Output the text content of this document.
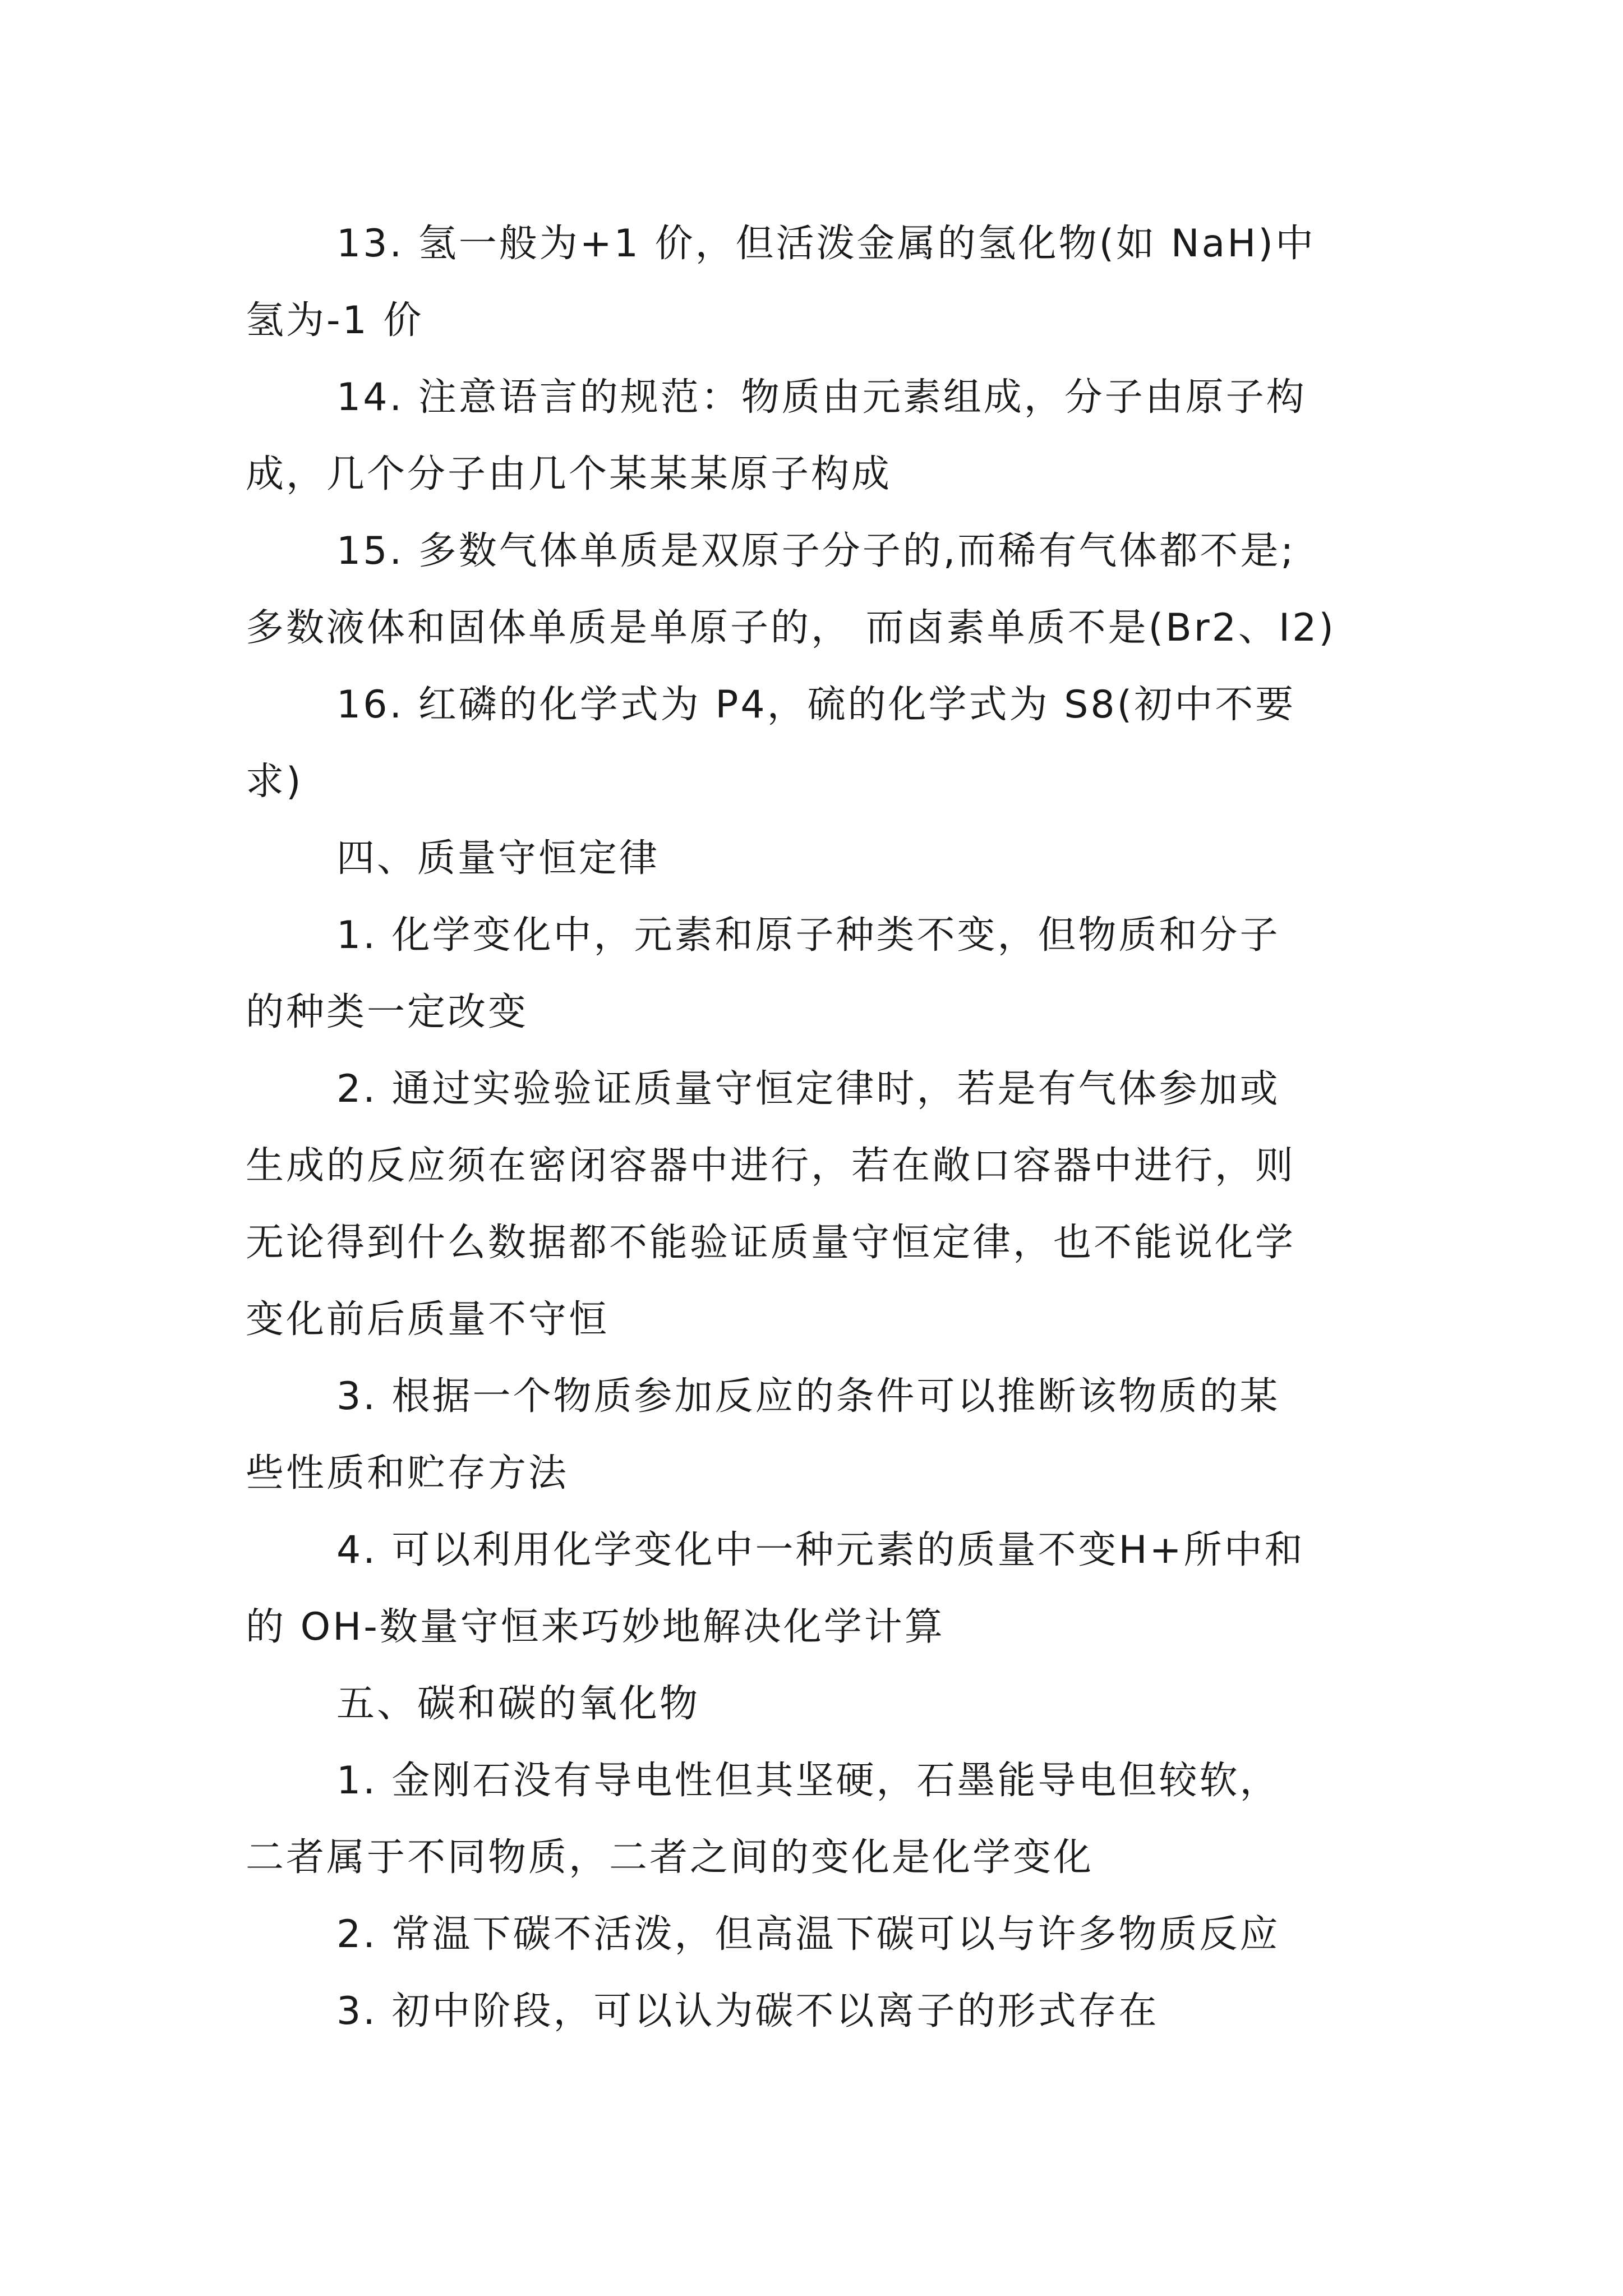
13. 氢一般为+1 价，但活泼金属的氢化物(如 NaH)中
氢为-1 价
14. 注意语言的规范：物质由元素组成，分子由原子构
成，几个分子由几个某某某原子构成
15. 多数气体单质是双原子分子的,而稀有气体都不是;
多数液体和固体单质是单原子的， 而卤素单质不是(Br2、I2)
16. 红磷的化学式为 P4，硫的化学式为 S8(初中不要
求)
四、质量守恒定律
1. 化学变化中，元素和原子种类不变，但物质和分子
的种类一定改变
2. 通过实验验证质量守恒定律时，若是有气体参加或
生成的反应须在密闭容器中进行，若在敞口容器中进行，则
无论得到什么数据都不能验证质量守恒定律，也不能说化学
变化前后质量不守恒
3. 根据一个物质参加反应的条件可以推断该物质的某
些性质和贮存方法
4. 可以利用化学变化中一种元素的质量不变H+所中和
的 OH-数量守恒来巧妙地解决化学计算
五、碳和碳的氧化物
1. 金刚石没有导电性但其坚硬，石墨能导电但较软，
二者属于不同物质，二者之间的变化是化学变化
2. 常温下碳不活泼，但高温下碳可以与许多物质反应
3. 初中阶段，可以认为碳不以离子的形式存在
